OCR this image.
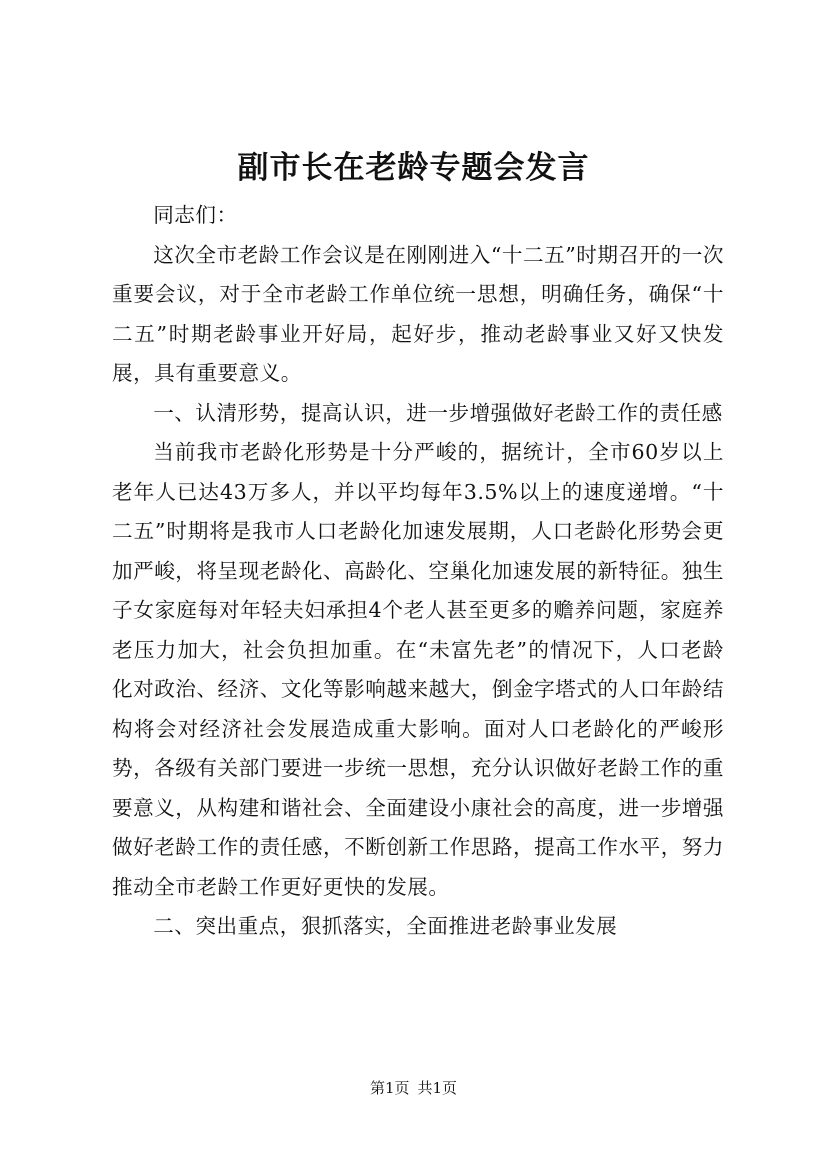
副市长在老龄专题会发言

同志们：

这次全市老龄工作会议是在刚刚进入“十二五”时期召开的一次重要会议，对于全市老龄工作单位统一思想，明确任务，确保“十二五”时期老龄事业开好局，起好步，推动老龄事业又好又快发展，具有重要意义。

一、认清形势，提高认识，进一步增强做好老龄工作的责任感

当前我市老龄化形势是十分严峻的，据统计，全市60岁以上老年人已达43万多人，并以平均每年3.5%以上的速度递增。“十二五”时期将是我市人口老龄化加速发展期，人口老龄化形势会更加严峻，将呈现老龄化、高龄化、空巢化加速发展的新特征。独生子女家庭每对年轻夫妇承担4个老人甚至更多的赡养问题，家庭养老压力加大，社会负担加重。在“未富先老”的情况下，人口老龄化对政治、经济、文化等影响越来越大，倒金字塔式的人口年龄结构将会对经济社会发展造成重大影响。面对人口老龄化的严峻形势，各级有关部门要进一步统一思想，充分认识做好老龄工作的重要意义，从构建和谐社会、全面建设小康社会的高度，进一步增强做好老龄工作的责任感，不断创新工作思路，提高工作水平，努力推动全市老龄工作更好更快的发展。

二、突出重点，狠抓落实，全面推进老龄事业发展

第1页 共1页
